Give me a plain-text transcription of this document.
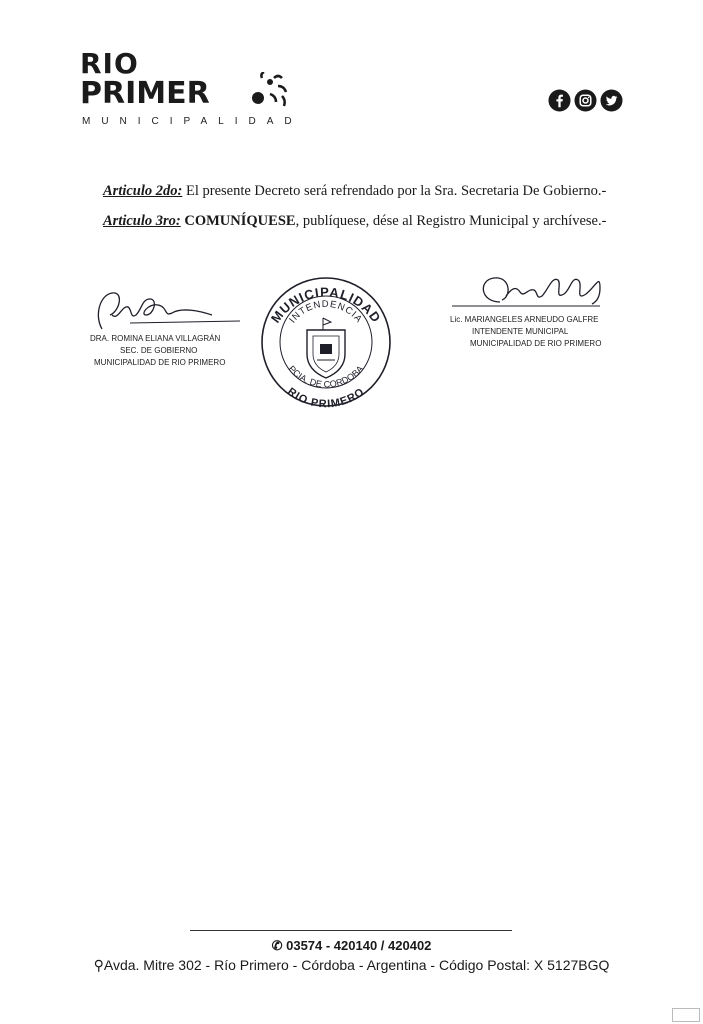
RIO
PRIMER
MUNICIPALIDAD
Articulo 2do: El presente Decreto será refrendado por la Sra. Secretaria De Gobierno.-
Articulo 3ro: COMUNÍQUESE, publíquese, dése al Registro Municipal y archívese.-
DRA. ROMINA ELIANA VILLAGRÁN
SEC. DE GOBIERNO
MUNICIPALIDAD DE RIO PRIMERO
MUNICIPALIDAD
INTENDENCIA
PCIA. DE CORDOBA
RIO PRIMERO
Lic. MARIANGELES ARNEUDO GALFRE
INTENDENTE MUNICIPAL
MUNICIPALIDAD DE RIO PRIMERO
✆ 03574 - 420140 / 420402
⚲Avda. Mitre 302 - Río Primero - Córdoba - Argentina - Código Postal: X 5127BGQ
